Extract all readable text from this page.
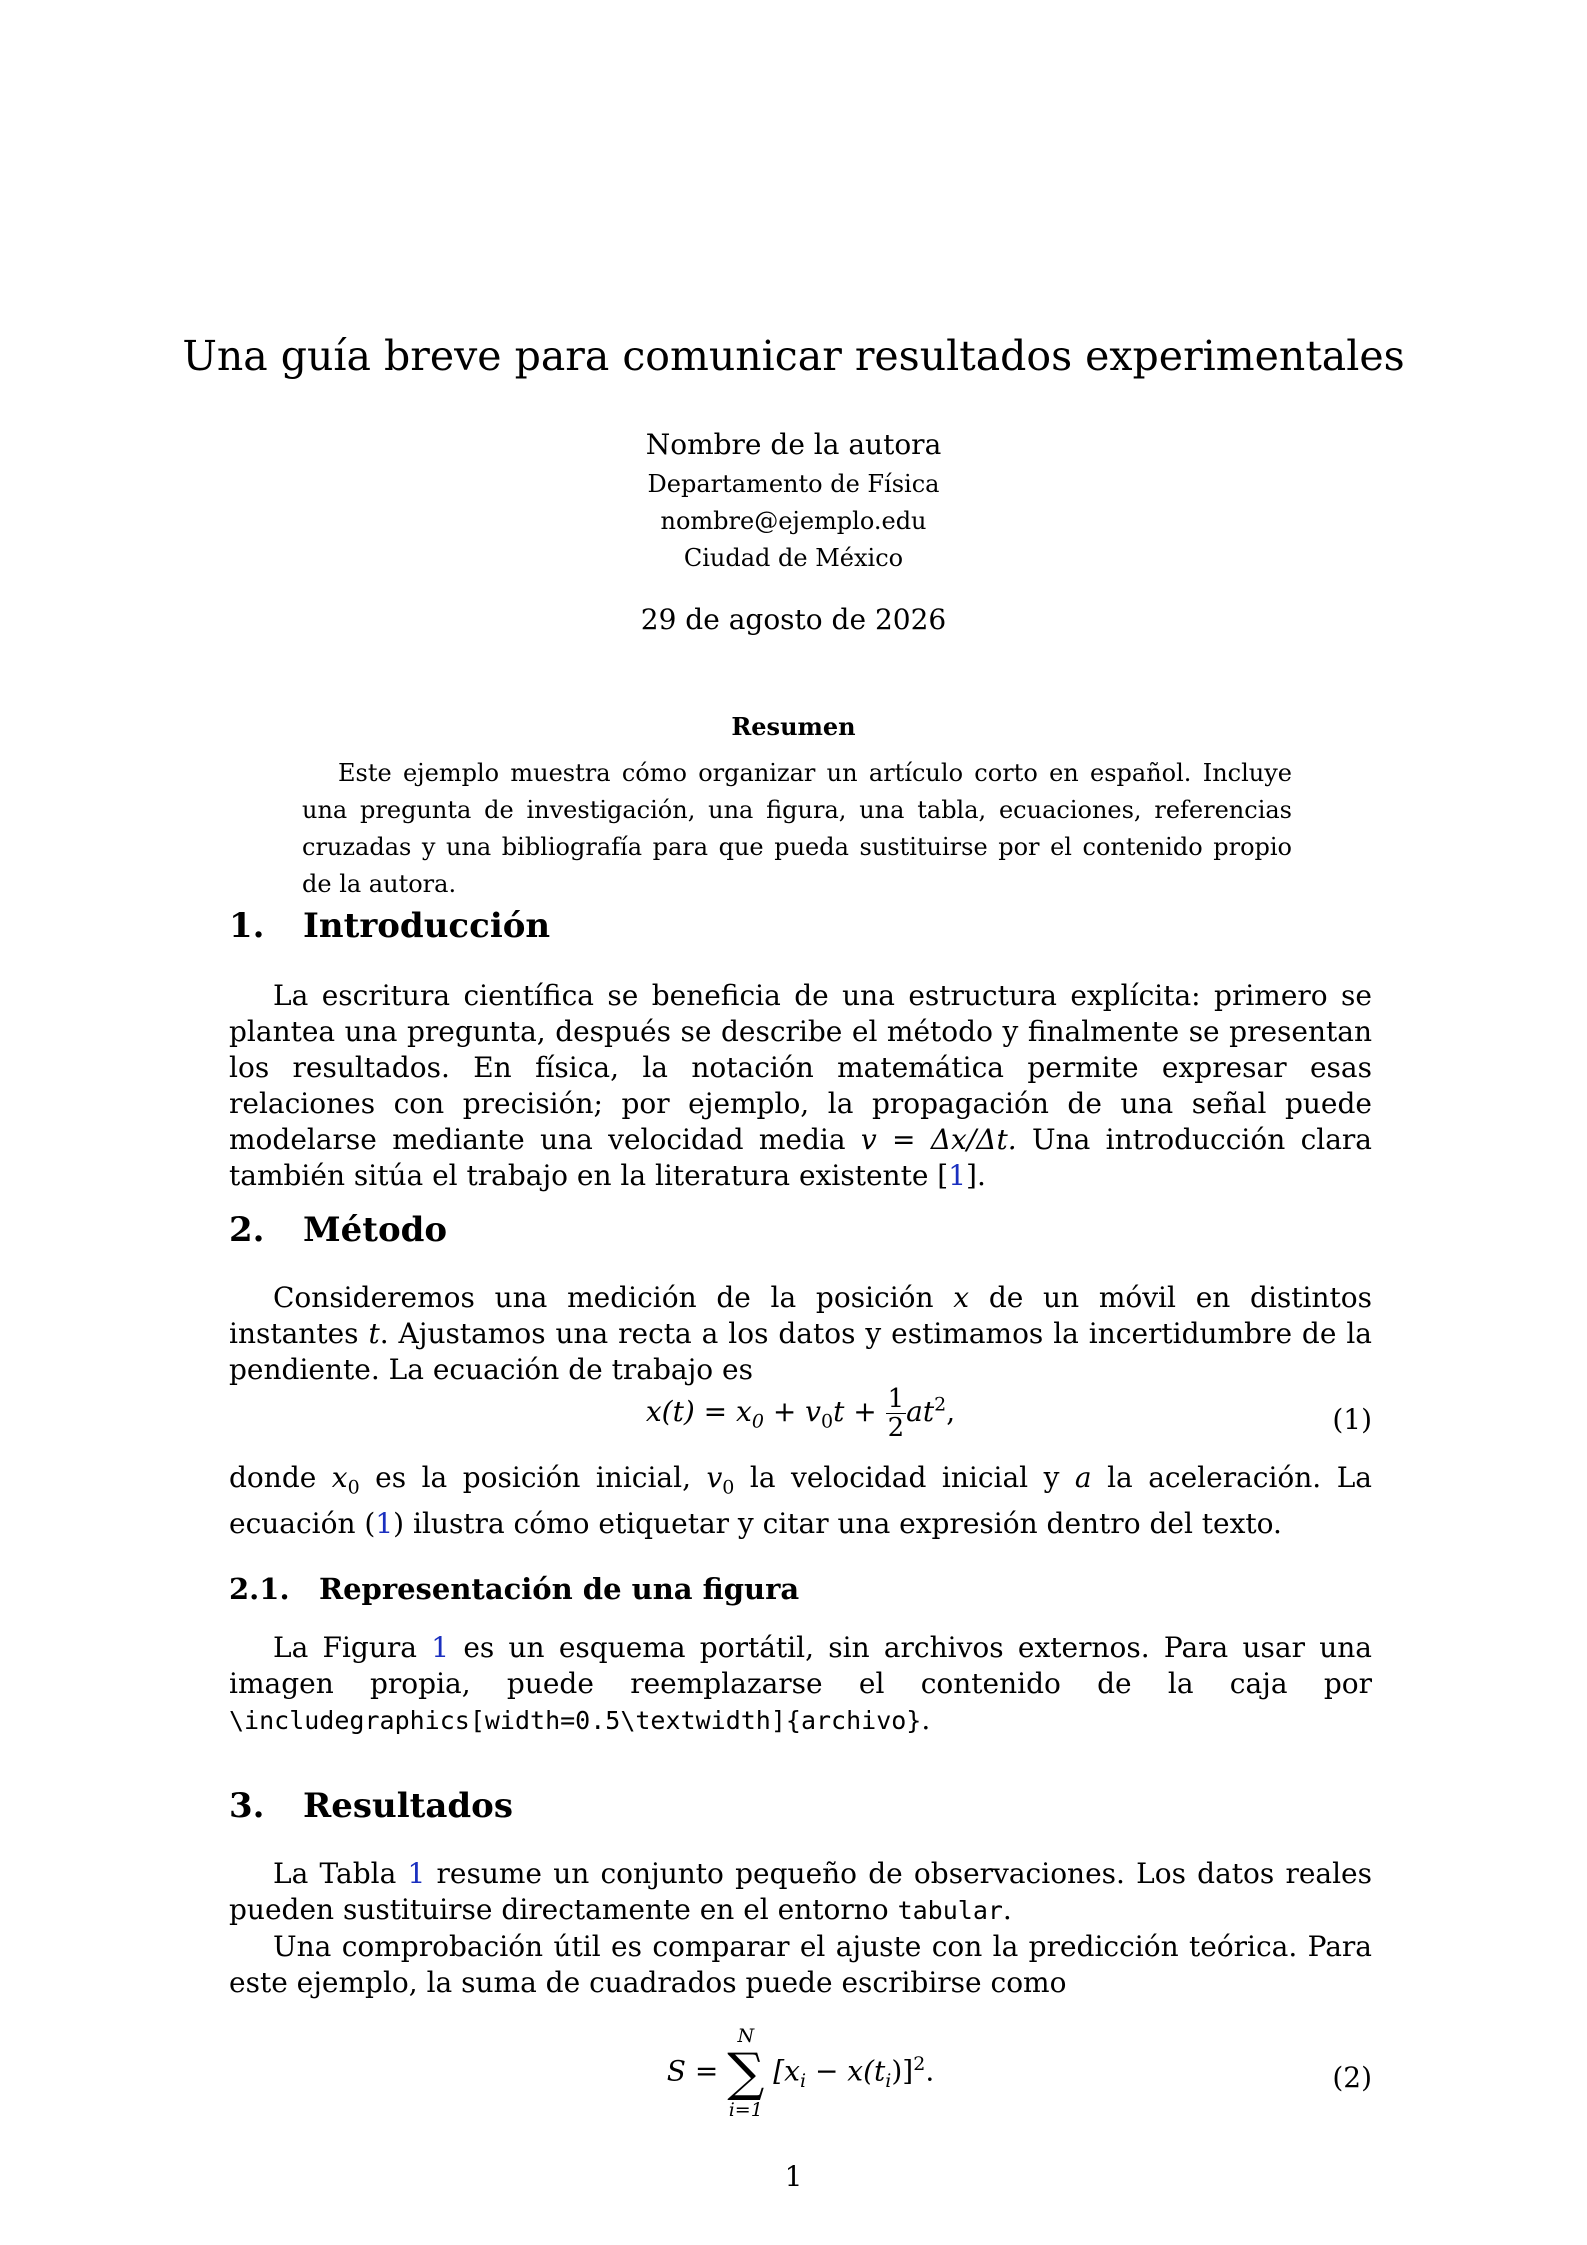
Una guía breve para comunicar resultados experimentales
Nombre de la autora
Departamento de Física
nombre@ejemplo.edu
Ciudad de México
29 de agosto de 2026
Resumen
Este ejemplo muestra cómo organizar un artículo corto en español. Incluye una pregunta de investigación, una figura, una tabla, ecuaciones, referencias cruzadas y una bibliografía para que pueda sustituirse por el contenido propio de la autora.
1. Introducción
La escritura científica se beneficia de una estructura explícita: primero se plantea una pregunta, después se describe el método y finalmente se presentan los resultados. En física, la notación matemática permite expresar esas relaciones con precisión; por ejemplo, la propagación de una señal puede modelarse mediante una velocidad media v = Δx/Δt. Una introducción clara también sitúa el trabajo en la literatura existente [1].
2. Método
Consideremos una medición de la posición x de un móvil en distintos instantes t. Ajustamos una recta a los datos y estimamos la incertidumbre de la pendiente. La ecuación de trabajo es
$x(t) = x_0 + v_0t + \frac{1}{2} at^2$,	(1)
donde $x_0$ es la posición inicial, $v_0$ la velocidad inicial y a la aceleración. La ecuación (1) ilustra cómo etiquetar y citar una expresión dentro del texto.
2.1. Representación de una figura
La Figura 1 es un esquema portátil, sin archivos externos. Para usar una imagen propia, puede reemplazarse el contenido de la caja por \includegraphics[width=0.5\textwidth]{archivo}.
3. Resultados
La Tabla 1 resume un conjunto pequeño de observaciones. Los datos reales pueden sustituirse directamente en el entorno tabular.
Una comprobación útil es comparar el ajuste con la predicción teórica. Para este ejemplo, la suma de cuadrados puede escribirse como
S =
N
∑
i=1
$[x_i - x(t_i)]^2$.	(2)
1
